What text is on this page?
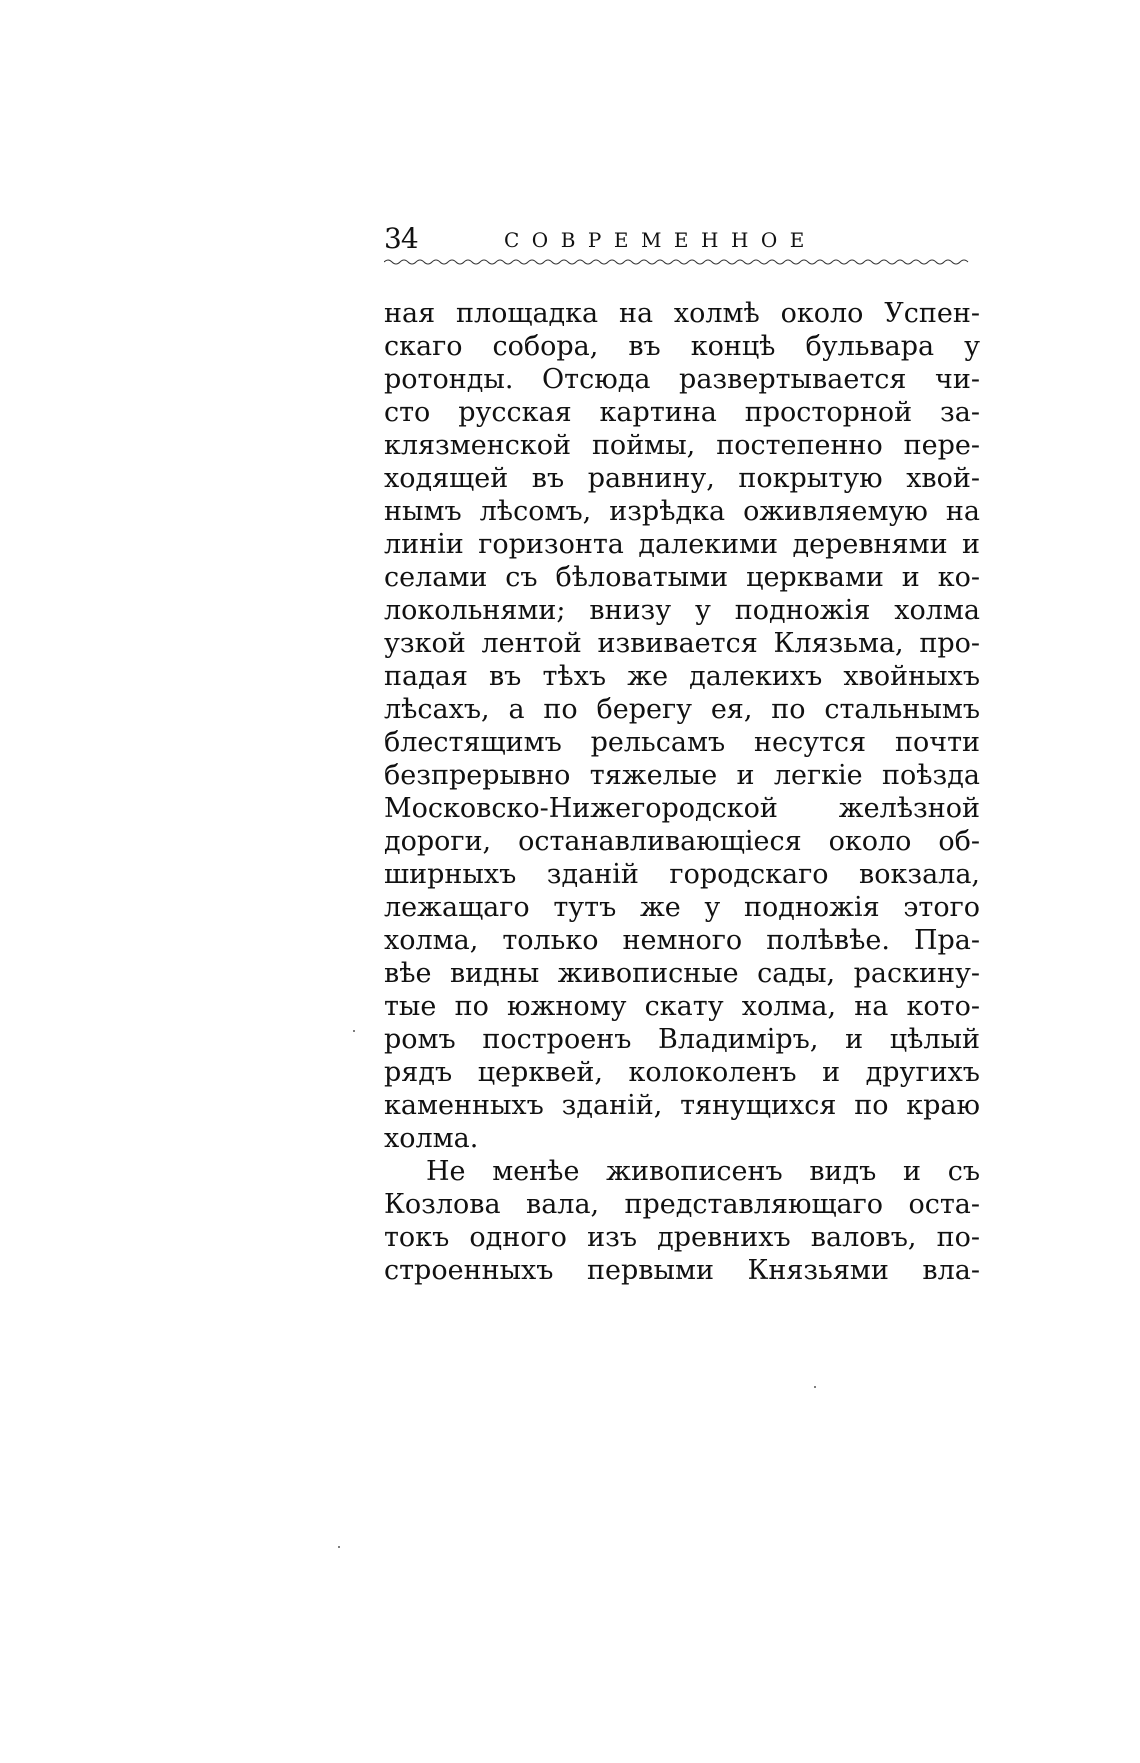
34	СОВРЕМЕННОЕ

ная площадка на холмѣ около Успен-
скаго собора, въ концѣ бульвара у
ротонды. Отсюда развертывается чи-
сто русская картина просторной за-
клязменской поймы, постепенно пере-
ходящей въ равнину, покрытую хвой-
нымъ лѣсомъ, изрѣдка оживляемую на
линіи горизонта далекими деревнями и
селами съ бѣловатыми церквами и ко-
локольнями; внизу у подножія холма
узкой лентой извивается Клязьма, про-
падая въ тѣхъ же далекихъ хвойныхъ
лѣсахъ, а по берегу ея, по стальнымъ
блестящимъ рельсамъ несутся почти
безпрерывно тяжелые и легкіе поѣзда
Московско-Нижегородской желѣзной
дороги, останавливающіеся около об-
ширныхъ зданій городскаго вокзала,
лежащаго тутъ же у подножія этого
холма, только немного полѣвѣе. Пра-
вѣе видны живописные сады, раскину-
тые по южному скату холма, на кото-
ромъ построенъ Владиміръ, и цѣлый
рядъ церквей, колоколенъ и другихъ
каменныхъ зданій, тянущихся по краю
холма.

Не менѣе живописенъ видъ и съ
Козлова вала, представляющаго оста-
токъ одного изъ древнихъ валовъ, по-
строенныхъ первыми Князьями вла-
